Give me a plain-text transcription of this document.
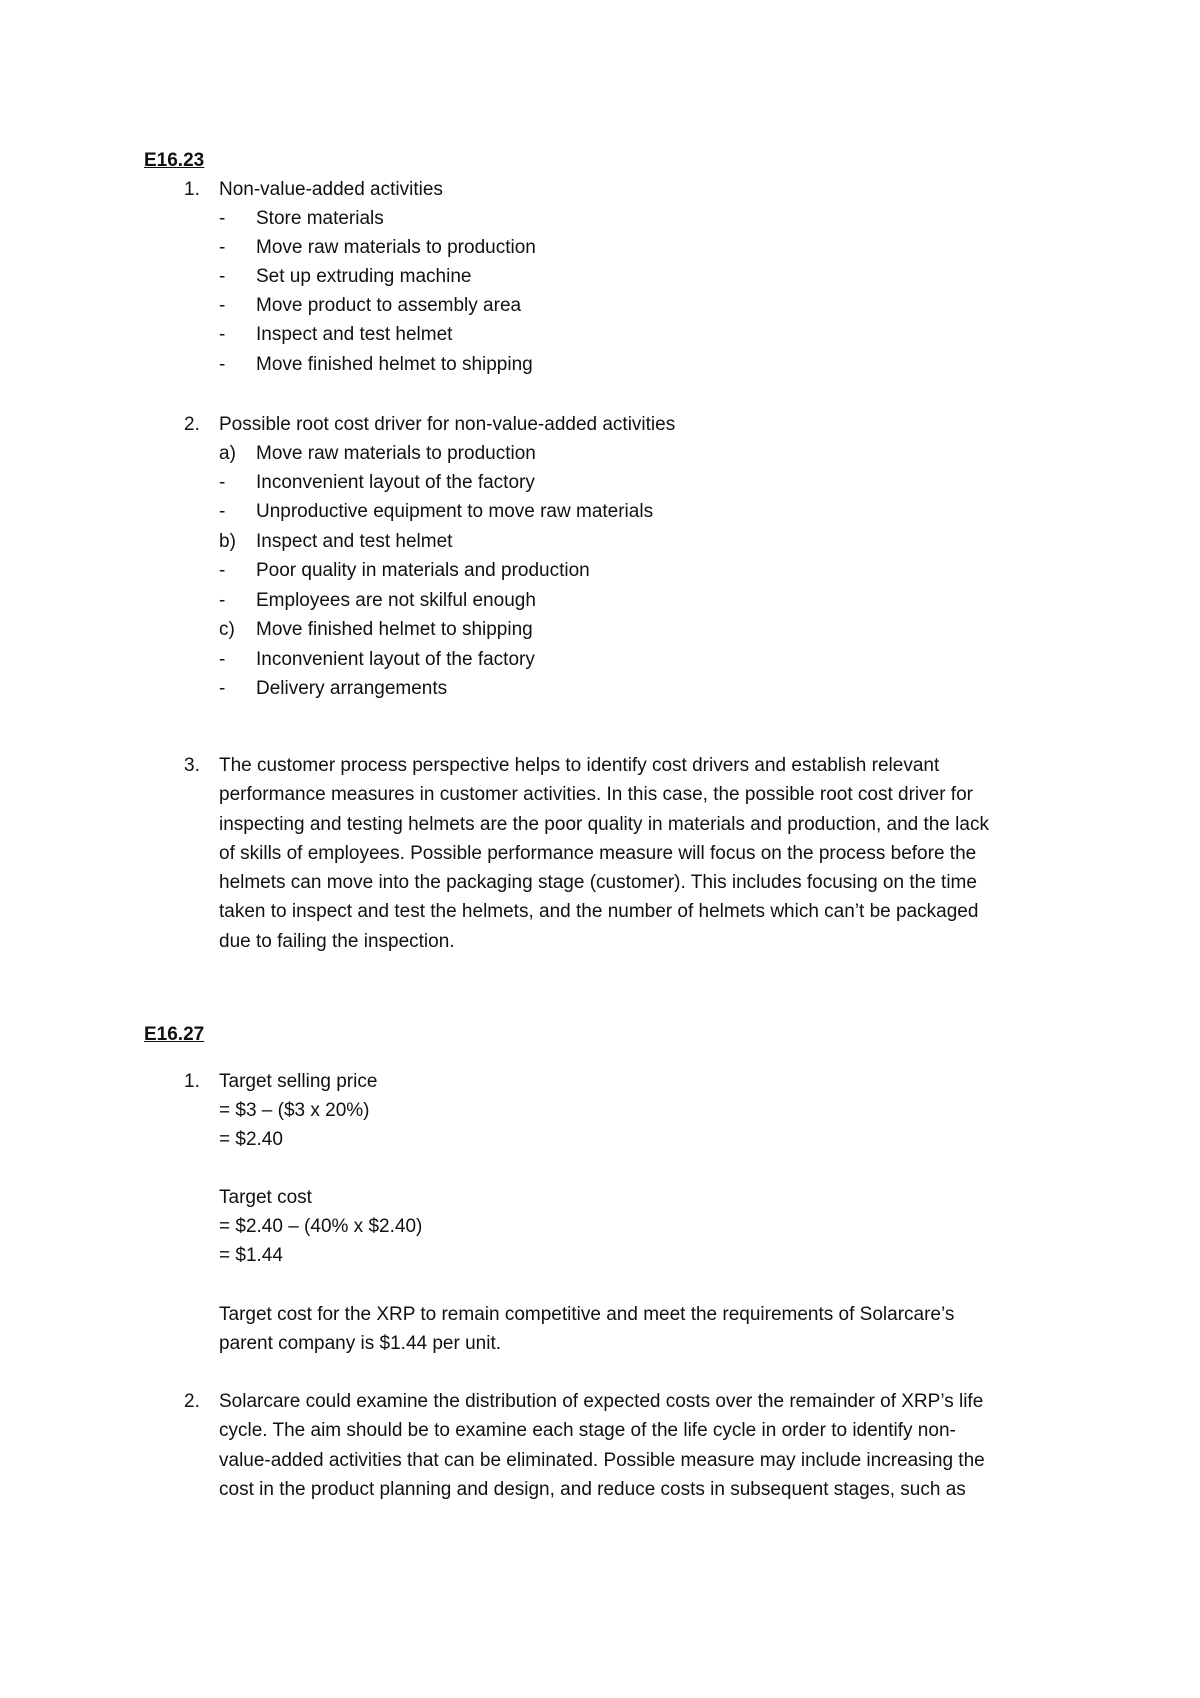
E16.23
1.	Non-value-added activities
- Store materials
- Move raw materials to production
- Set up extruding machine
- Move product to assembly area
- Inspect and test helmet
- Move finished helmet to shipping
2.	Possible root cost driver for non-value-added activities
a) Move raw materials to production
- Inconvenient layout of the factory
- Unproductive equipment to move raw materials
b) Inspect and test helmet
- Poor quality in materials and production
- Employees are not skilful enough
c) Move finished helmet to shipping
- Inconvenient layout of the factory
- Delivery arrangements
3.	The customer process perspective helps to identify cost drivers and establish relevant
performance measures in customer activities. In this case, the possible root cost driver for
inspecting and testing helmets are the poor quality in materials and production, and the lack
of skills of employees. Possible performance measure will focus on the process before the
helmets can move into the packaging stage (customer). This includes focusing on the time
taken to inspect and test the helmets, and the number of helmets which can’t be packaged
due to failing the inspection.
E16.27
1.	Target selling price
= $3 – ($3 x 20%)
= $2.40
Target cost
= $2.40 – (40% x $2.40)
= $1.44
Target cost for the XRP to remain competitive and meet the requirements of Solarcare’s
parent company is $1.44 per unit.
2.	Solarcare could examine the distribution of expected costs over the remainder of XRP’s life
cycle. The aim should be to examine each stage of the life cycle in order to identify non-
value-added activities that can be eliminated. Possible measure may include increasing the
cost in the product planning and design, and reduce costs in subsequent stages, such as
